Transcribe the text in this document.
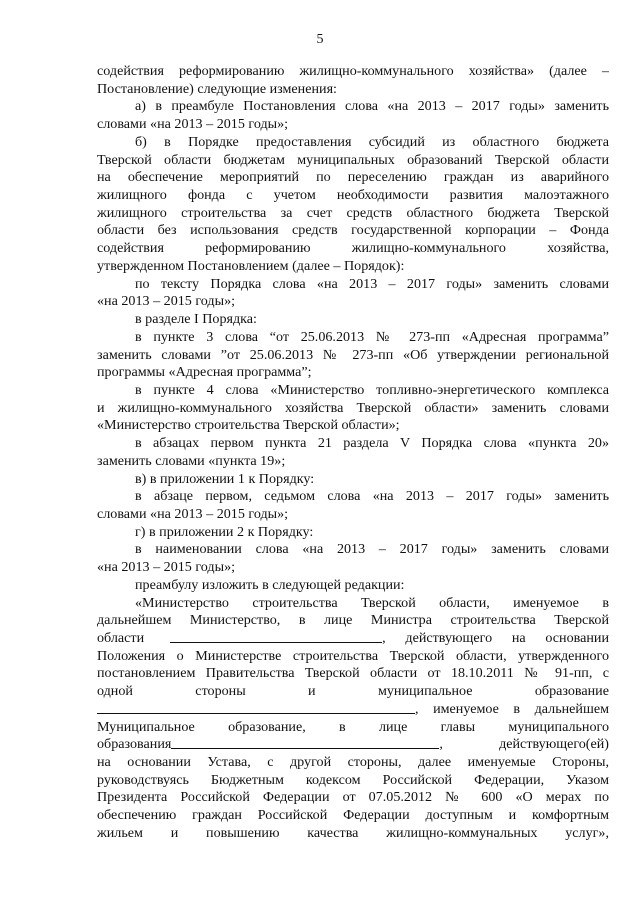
5
содействия реформированию жилищно-коммунального хозяйства» (далее –
Постановление) следующие изменения:
а) в преамбуле Постановления слова «на 2013 – 2017 годы» заменить
словами «на 2013 – 2015 годы»;
б) в Порядке предоставления субсидий из областного бюджета
Тверской области бюджетам муниципальных образований Тверской области
на обеспечение мероприятий по переселению граждан из аварийного
жилищного фонда с учетом необходимости развития малоэтажного
жилищного строительства за счет средств областного бюджета Тверской
области без использования средств государственной корпорации – Фонда
содействия реформированию жилищно-коммунального хозяйства,
утвержденном Постановлением (далее – Порядок):
по тексту Порядка слова «на 2013 – 2017 годы» заменить словами
«на 2013 – 2015 годы»;
в разделе I Порядка:
в пункте 3 слова “от 25.06.2013 № 273-пп «Адресная программа”
заменить словами ”от 25.06.2013 № 273-пп «Об утверждении региональной
программы «Адресная программа”;
в пункте 4 слова «Министерство топливно-энергетического комплекса
и жилищно-коммунального хозяйства Тверской области» заменить словами
«Министерство строительства Тверской области»;
в абзацах первом пункта 21 раздела V Порядка слова «пункта 20»
заменить словами «пункта 19»;
в) в приложении 1 к Порядку:
в абзаце первом, седьмом слова «на 2013 – 2017 годы» заменить
словами «на 2013 – 2015 годы»;
г) в приложении 2 к Порядку:
в наименовании слова «на 2013 – 2017 годы» заменить словами
«на 2013 – 2015 годы»;
преамбулу изложить в следующей редакции:
«Министерство строительства Тверской области, именуемое в
дальнейшем Министерство, в лице Министра строительства Тверской
области	, действующего на основании
Положения о Министерстве строительства Тверской области, утвержденного
постановлением Правительства Тверской области от 18.10.2011 № 91-пп, с
одной стороны и муниципальное образование
, именуемое в дальнейшем
Муниципальное образование, в лице главы муниципального
образования	, действующего(ей)
на основании Устава, с другой стороны, далее именуемые Стороны,
руководствуясь Бюджетным кодексом Российской Федерации, Указом
Президента Российской Федерации от 07.05.2012 № 600 «О мерах по
обеспечению граждан Российской Федерации доступным и комфортным
жильем и повышению качества жилищно-коммунальных услуг»,
